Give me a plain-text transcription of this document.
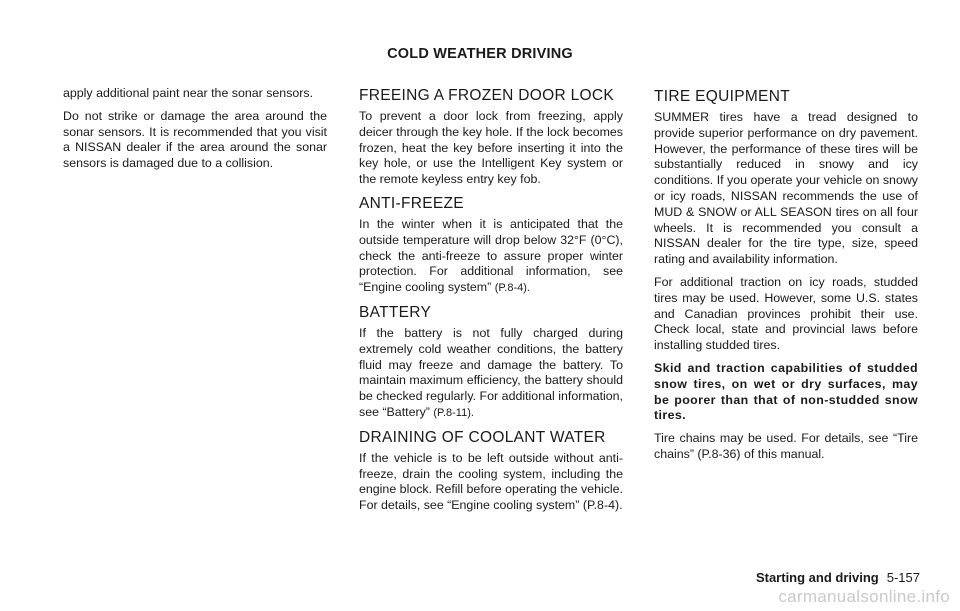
COLD WEATHER DRIVING

apply additional paint near the sonar sensors.

Do not strike or damage the area around the sonar sensors. It is recommended that you visit a NISSAN dealer if the area around the sonar sensors is damaged due to a collision.

FREEING A FROZEN DOOR LOCK

To prevent a door lock from freezing, apply deicer through the key hole. If the lock becomes frozen, heat the key before inserting it into the key hole, or use the Intelligent Key system or the remote keyless entry key fob.

ANTI-FREEZE

In the winter when it is anticipated that the outside temperature will drop below 32°F (0°C), check the anti-freeze to assure proper winter protection. For additional information, see “Engine cooling system” (P.8-4).

BATTERY

If the battery is not fully charged during extremely cold weather conditions, the battery fluid may freeze and damage the battery. To maintain maximum efficiency, the battery should be checked regularly. For additional information, see “Battery” (P.8-11).

DRAINING OF COOLANT WATER

If the vehicle is to be left outside without anti-freeze, drain the cooling system, including the engine block. Refill before operating the vehicle. For details, see “Engine cooling system” (P.8-4).

TIRE EQUIPMENT

SUMMER tires have a tread designed to provide superior performance on dry pavement. However, the performance of these tires will be substantially reduced in snowy and icy conditions. If you operate your vehicle on snowy or icy roads, NISSAN recommends the use of MUD & SNOW or ALL SEASON tires on all four wheels. It is recommended you consult a NISSAN dealer for the tire type, size, speed rating and availability information.

For additional traction on icy roads, studded tires may be used. However, some U.S. states and Canadian provinces prohibit their use. Check local, state and provincial laws before installing studded tires.

Skid and traction capabilities of studded snow tires, on wet or dry surfaces, may be poorer than that of non-studded snow tires.

Tire chains may be used. For details, see “Tire chains” (P.8-36) of this manual.

Starting and driving 5-157
carmanualsonline.info
